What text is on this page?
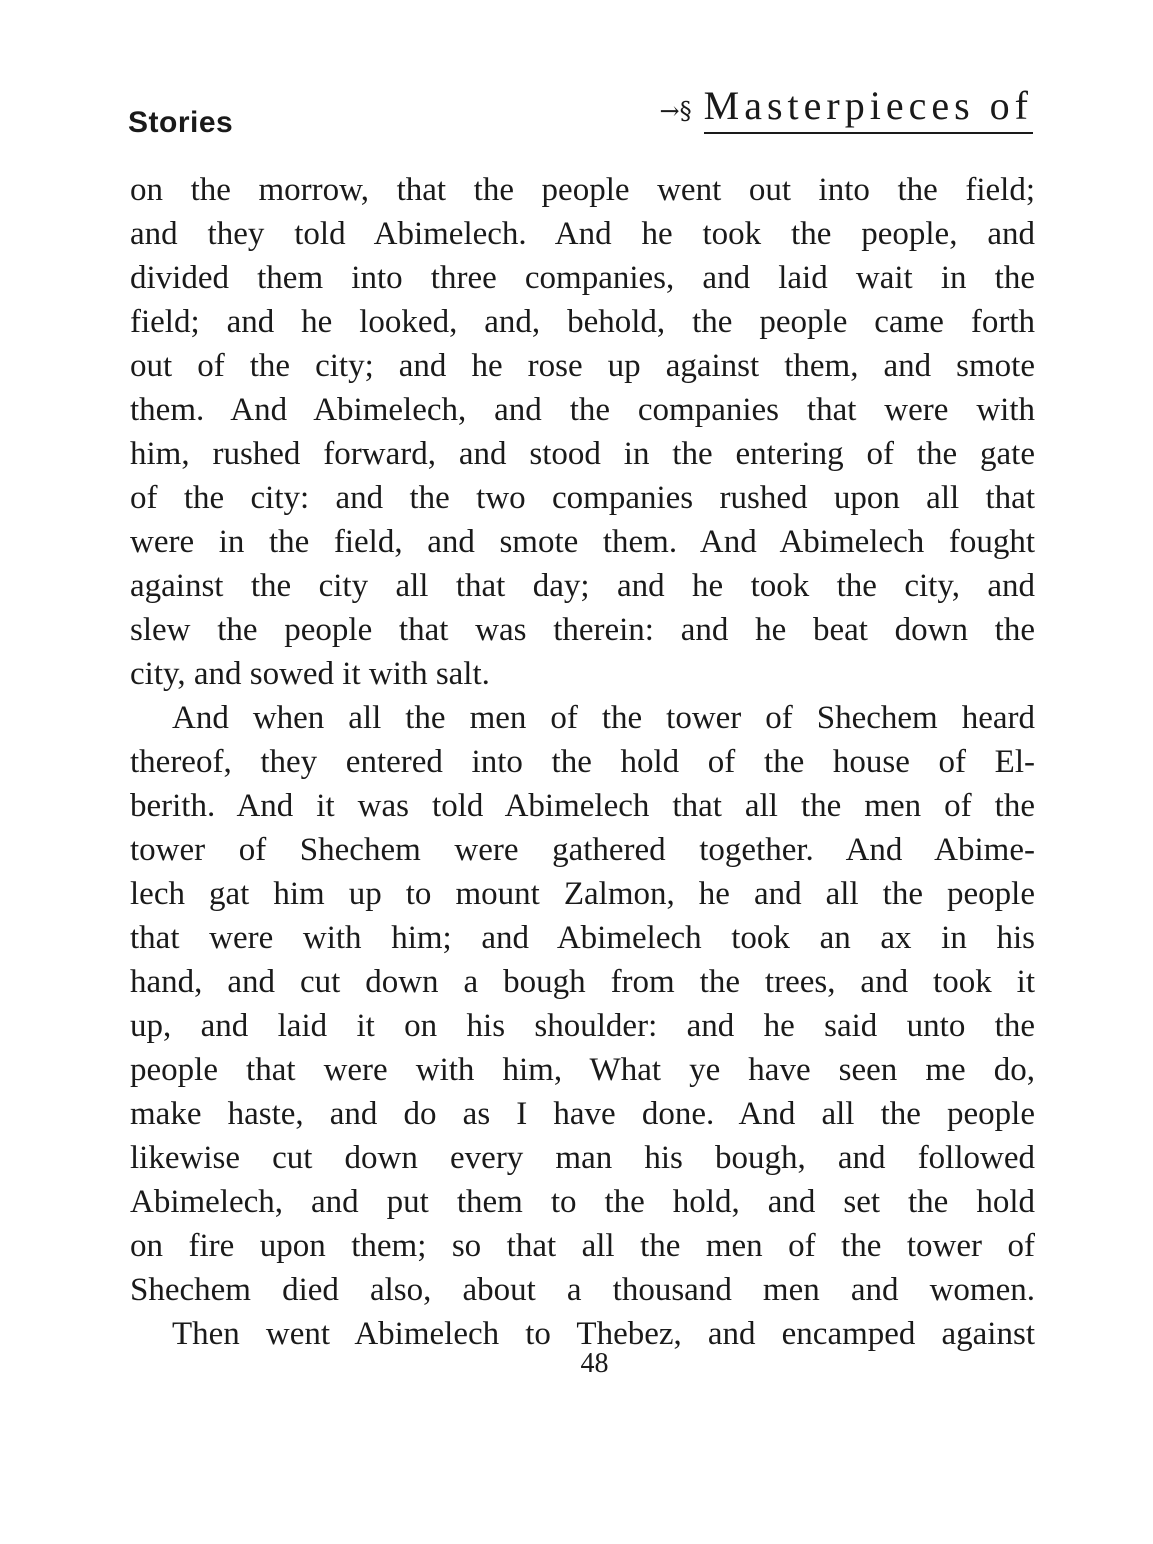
Stories	→§ Masterpieces of
on the morrow, that the people went out into the field;
and they told Abimelech. And he took the people, and
divided them into three companies, and laid wait in the
field; and he looked, and, behold, the people came forth
out of the city; and he rose up against them, and smote
them. And Abimelech, and the companies that were with
him, rushed forward, and stood in the entering of the gate
of the city: and the two companies rushed upon all that
were in the field, and smote them. And Abimelech fought
against the city all that day; and he took the city, and
slew the people that was therein: and he beat down the
city, and sowed it with salt.
And when all the men of the tower of Shechem heard
thereof, they entered into the hold of the house of El-
berith. And it was told Abimelech that all the men of the
tower of Shechem were gathered together. And Abime-
lech gat him up to mount Zalmon, he and all the people
that were with him; and Abimelech took an ax in his
hand, and cut down a bough from the trees, and took it
up, and laid it on his shoulder: and he said unto the
people that were with him, What ye have seen me do,
make haste, and do as I have done. And all the people
likewise cut down every man his bough, and followed
Abimelech, and put them to the hold, and set the hold
on fire upon them; so that all the men of the tower of
Shechem died also, about a thousand men and women.
Then went Abimelech to Thebez, and encamped against
48
